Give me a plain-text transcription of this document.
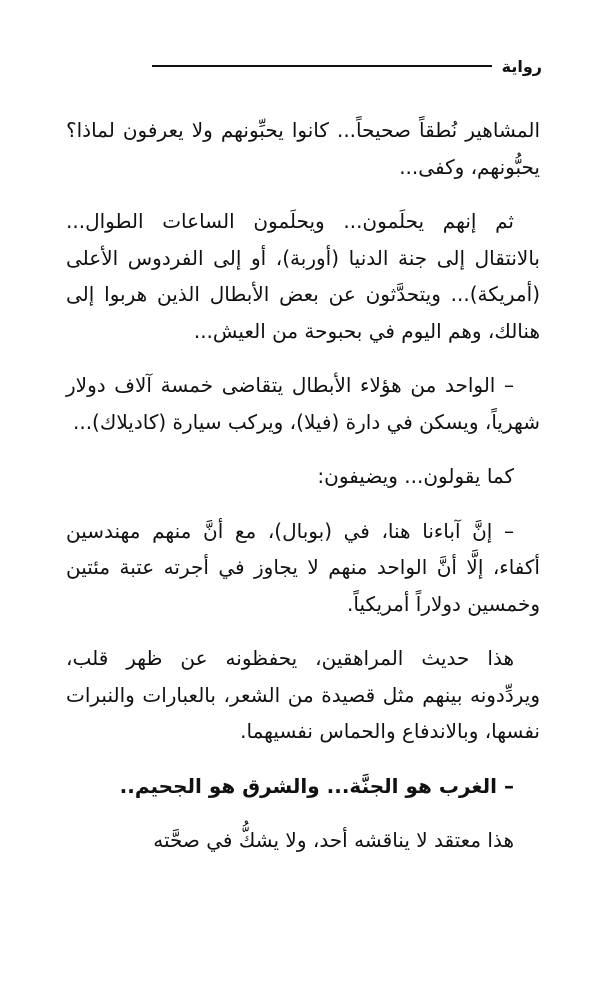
رواية

المشاهير نُطقاً صحيحاً... كانوا يحبِّونهم ولا يعرفون لماذا؟ يحبُّونهم، وكفى...

ثم إنهم يحلَمون... ويحلَمون الساعات الطوال... بالانتقال إلى جنة الدنيا (أوربة)، أو إلى الفردوس الأعلى (أمريكة)... ويتحدَّثون عن بعض الأبطال الذين هربوا إلى هنالك، وهم اليوم في بحبوحة من العيش...

– الواحد من هؤلاء الأبطال يتقاضى خمسة آلاف دولار شهرياً، ويسكن في دارة (فيلا)، ويركب سيارة (كاديلاك)...

كما يقولون... ويضيفون:

– إنَّ آباءنا هنا، في (بوبال)، مع أنَّ منهم مهندسين أكفاء، إلَّا أنَّ الواحد منهم لا يجاوز في أجرته عتبة مئتين وخمسين دولاراً أمريكياً.

هذا حديث المراهقين، يحفظونه عن ظهر قلب، ويردِّدونه بينهم مثل قصيدة من الشعر، بالعبارات والنبرات نفسها، وبالاندفاع والحماس نفسيهما.

– الغرب هو الجنَّة... والشرق هو الجحيم..

هذا معتقد لا يناقشه أحد، ولا يشكُّ في صحَّته
